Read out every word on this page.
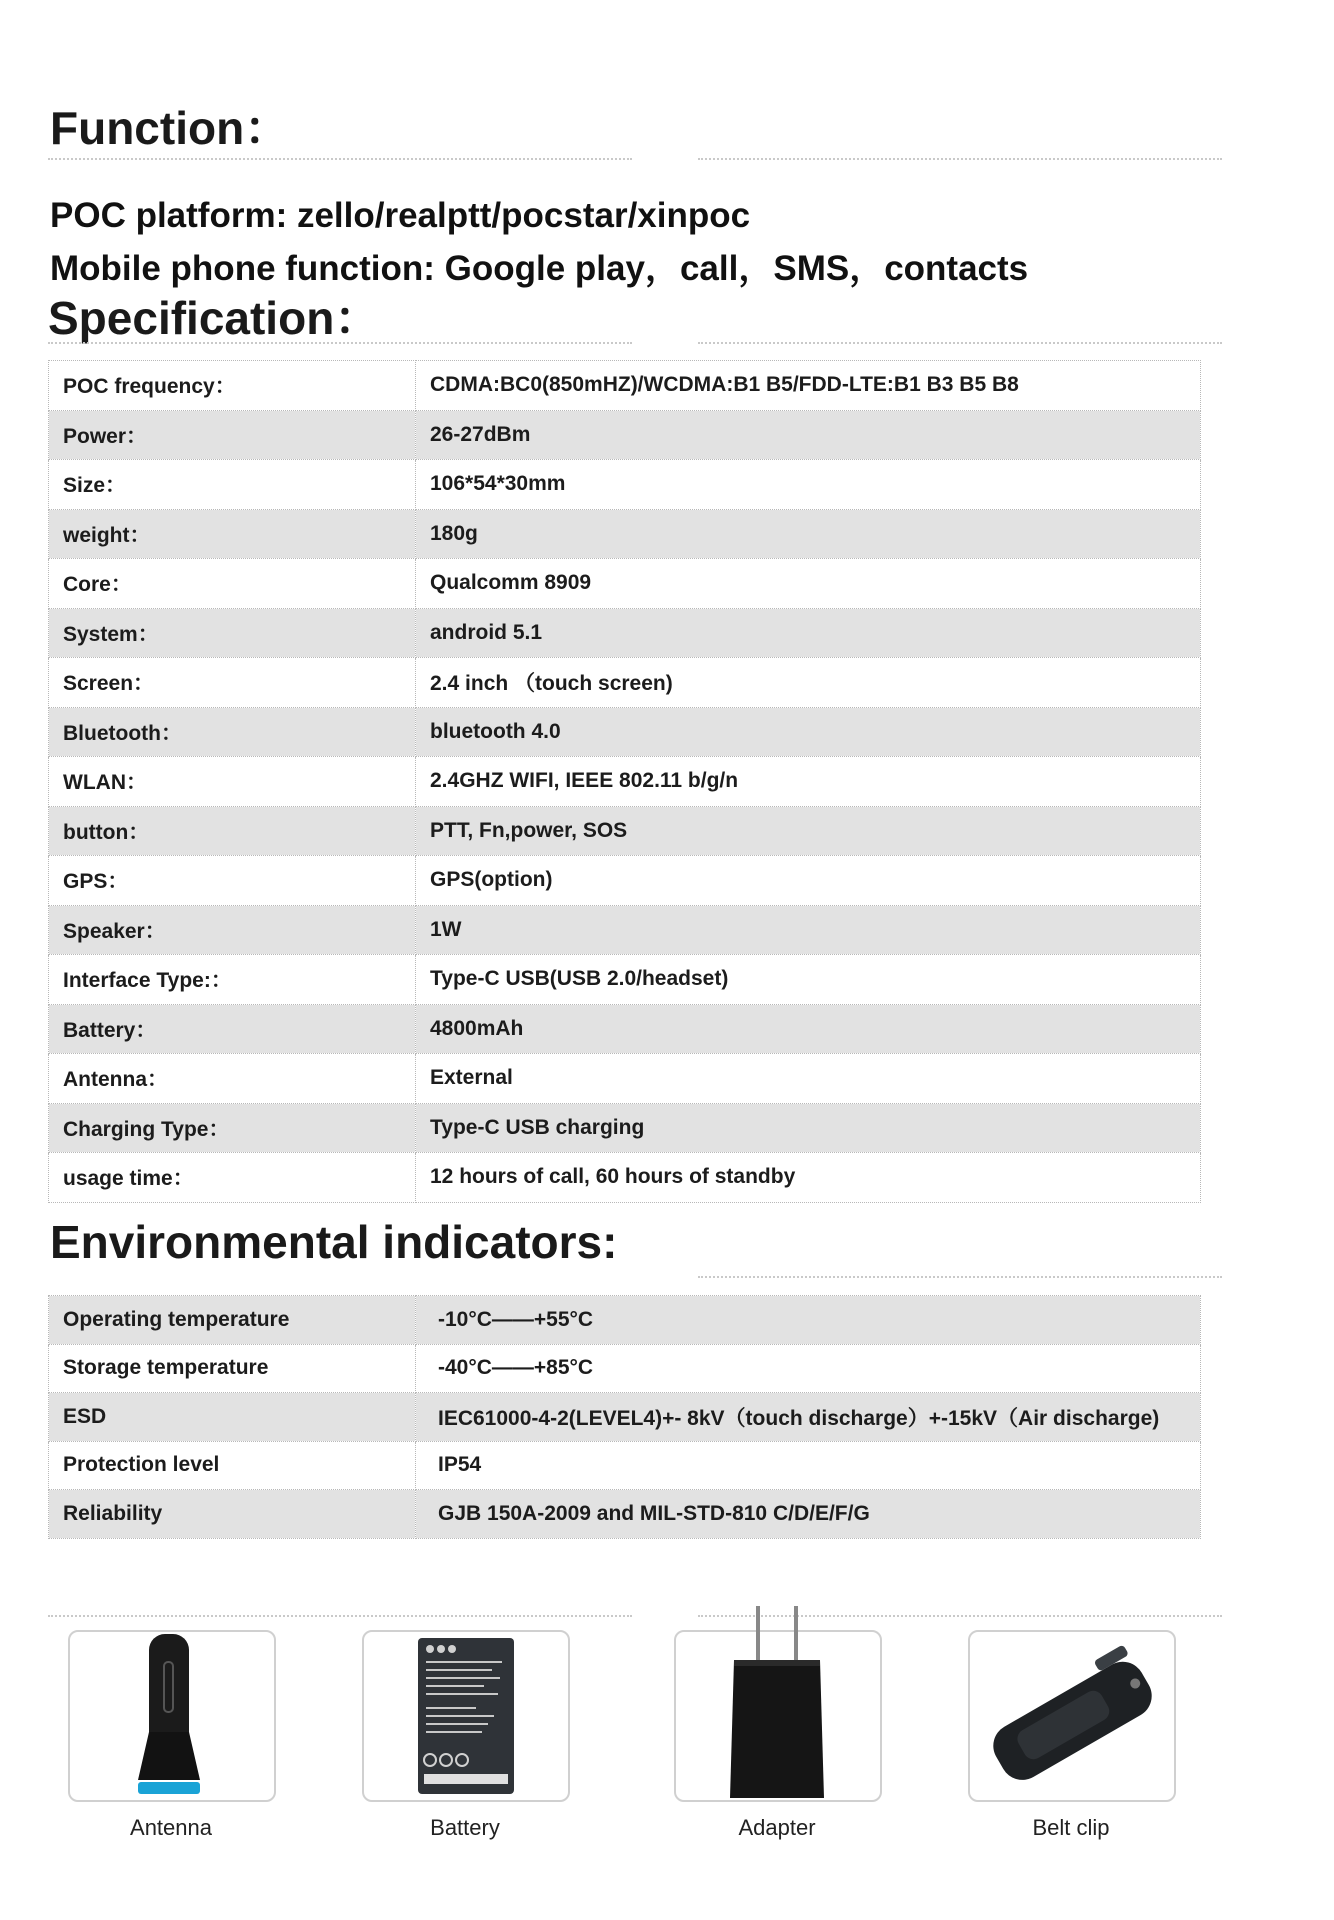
Function：
POC platform: zello/realptt/pocstar/xinpoc
Mobile phone function: Google play，call，SMS，contacts
Specification：
POC frequency：	CDMA:BC0(850mHZ)/WCDMA:B1 B5/FDD-LTE:B1 B3 B5 B8
Power：	26-27dBm
Size：	106*54*30mm
weight：	180g
Core：	Qualcomm 8909
System：	android 5.1
Screen：	2.4 inch （touch screen)
Bluetooth：	bluetooth 4.0
WLAN：	2.4GHZ WIFI, IEEE 802.11 b/g/n
button：	PTT, Fn,power, SOS
GPS：	GPS(option)
Speaker：	1W
Interface Type:：	Type-C USB(USB 2.0/headset)
Battery：	4800mAh
Antenna：	External
Charging Type：	Type-C USB charging
usage time：	12 hours of call, 60 hours of standby
Environmental indicators:
Operating temperature	-10°C——+55°C
Storage temperature	-40°C——+85°C
ESD	IEC61000-4-2(LEVEL4)+- 8kV（touch discharge）+-15kV（Air discharge)
Protection level	IP54
Reliability	GJB 150A-2009 and MIL-STD-810 C/D/E/F/G
Antenna	Battery	Adapter	Belt clip
